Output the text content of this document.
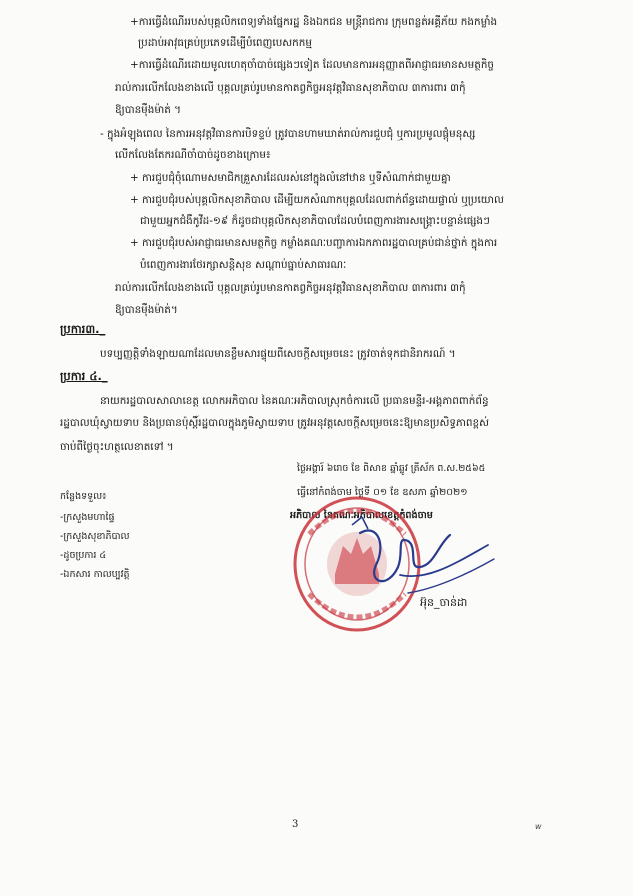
+ការធ្វើដំណើររបស់បុគ្គលិកពេទ្យទាំងផ្នែករដ្ឋ និងឯកជន មន្ត្រីរាជការ ក្រុមពន្លត់អគ្គីភ័យ កងកម្លាំង
ប្រដាប់អាវុធគ្រប់ប្រភេទដើម្បីបំពេញបេសកកម្ម
+ការធ្វើដំណើរដោយមូលហេតុចាំបាច់ផ្សេងៗទៀត ដែលមានការអនុញ្ញាតពីអាជ្ញាធរមានសមត្ថកិច្ច
រាល់ការលើកលែងខាងលើ បុគ្គលគ្រប់រូបមានកាតព្វកិច្ចអនុវត្តវិធានសុខាភិបាល ៣ការពារ ៣កុំ
ឱ្យបានម៉ឺងម៉ាត់ ។
- ក្នុងអំឡុងពេល នៃការអនុវត្តវិធានការបិទខ្ទប់ ត្រូវបានហាមឃាត់រាល់ការជួបជុំ ឬការប្រមូលផ្តុំមនុស្ស
លើកលែងតែករណីចាំបាច់ដូចខាងក្រោម៖
+ ការជួបជុំចុំណោមសមាជិកគ្រួសារដែលរស់នៅក្នុងលំនៅឋាន ឬទីសំណាក់ជាមួយគ្នា
+ ការជួបជុំរបស់បុគ្គលិកសុខាភិបាល ដើម្បីយកសំណាកបុគ្គលដែលពាក់ព័ន្ធដោយផ្ទាល់ ឬប្រយោល
ជាមួយអ្នកជំងឺកូវីដ-១៩ ក៏ដូចជាបុគ្គលិកសុខាភិបាលដែលបំពេញការងារសង្គ្រោះបន្ទាន់ផ្សេងៗ
+ ការជួបជុំរបស់អាជ្ញាធរមានសមត្ថកិច្ច កម្លាំងគណៈបញ្ជាការឯកភាពរដ្ឋបាលគ្រប់ជាន់ថ្នាក់ ក្នុងការ
បំពេញការងារថែរក្សាសន្តិសុខ សណ្តាប់ធ្នាប់សាធារណៈ
រាល់ការលើកលែងខាងលើ បុគ្គលគ្រប់រូបមានកាតព្វកិច្ចអនុវត្តវិធានសុខាភិបាល ៣ការពារ ៣កុំ
ឱ្យបានម៉ឺងម៉ាត់។
ប្រការ៣._
បទប្បញ្ញត្តិទាំងឡាយណាដែលមានខ្លឹមសារផ្ទុយពីសេចក្តីសម្រេចនេះ ត្រូវចាត់ទុកជានិរាករណ៍ ។
ប្រការ ៤._
នាយករដ្ឋបាលសាលាខេត្ត លោកអភិបាល នៃគណៈអភិបាលស្រុកចំការលើ ប្រធានមន្ទីរ-អង្គភាពពាក់ព័ន្ធ
រដ្ឋបាលឃុំស្វាយទាប និងប្រធានប៉ុស្តិ៍រដ្ឋបាលក្នុងភូមិស្វាយទាប ត្រូវអនុវត្តសេចក្តីសម្រេចនេះឱ្យមានប្រសិទ្ធភាពខ្ពស់
ចាប់ពីថ្ងៃចុះហត្ថលេខាតទៅ ។
ថ្ងៃអង្គារ៍ ៦រោច ខែ ពិសាខ ឆ្នាំឆ្លូវ ត្រីស័ក ព.ស.២៥៦៥
ធ្វើនៅកំពង់ចាម ថ្ងៃទី ០១ ខែ ឧសភា ឆ្នាំ២០២១
អភិបាល នៃគណៈអភិបាលខេត្តកំពង់ចាម
អ៊ុន_ចាន់ដា
កន្លែងទទួល៖
-ក្រសួងមហាផ្ទៃ
-ក្រសួងសុខាភិបាល
-ដូចប្រការ ៤
-ឯកសារ កាលប្បវត្តិ
3	w
